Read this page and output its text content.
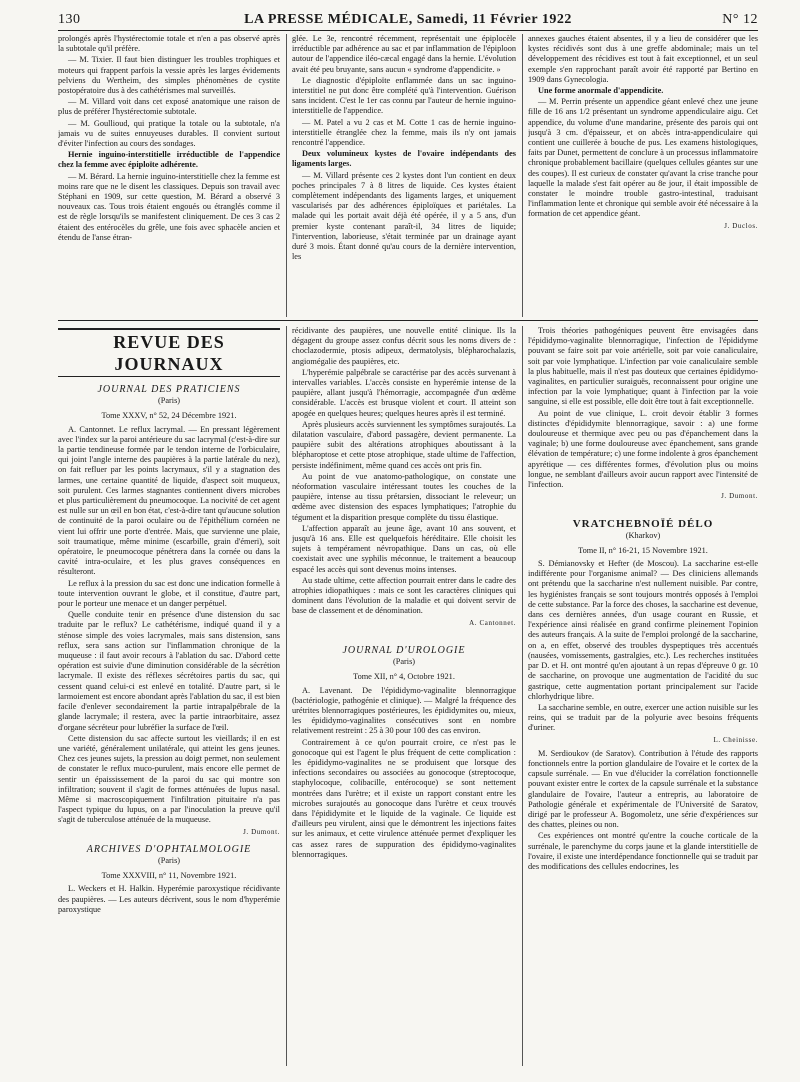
130	LA PRESSE MÉDICALE, Samedi, 11 Février 1922	N° 12

prolongés après l'hystérectomie totale et n'en a pas observé après la subtotale qu'il préfère.

— M. Tixier. Il faut bien distinguer les troubles trophiques et moteurs qui frappent parfois la vessie après les larges évidements pelviens du Wertheim, des simples phénomènes de cystite postopératoire dus à des cathétérismes mal surveillés.

— M. Villard voit dans cet exposé anatomique une raison de plus de préférer l'hystérectomie subtotale.

— M. Goullioud, qui pratique la totale ou la subtotale, n'a jamais vu de suites ennuyeuses durables. Il convient surtout d'éviter l'infection au cours des sondages.

Hernie inguino-interstitielle irréductible de l'appendice chez la femme avec épiploïte adhérente.

— M. Bérard. La hernie inguino-interstitielle chez la femme est moins rare que ne le disent les classiques. Depuis son travail avec Stéphani en 1909, sur cette question, M. Bérard a observé 3 nouveaux cas. Tous trois étaient engoués ou étranglés comme il est de règle lorsqu'ils se manifestent cliniquement. De ces 3 cas 2 étaient des entérocèles du grêle, une fois avec sphacèle ancien et étendu de l'anse étran-

glée. Le 3e, rencontré récemment, représentait une épiplocèle irréductible par adhérence au sac et par inflammation de l'épiploon autour de l'appendice iléo-cæcal engagé dans la hernie. L'évolution avait été peu bruyante, sans aucun « syndrome d'appendicite. »

Le diagnostic d'épiploïte enflammée dans un sac inguino-interstitiel ne put donc être complété qu'à l'intervention. Guérison sans incident. C'est le 1er cas connu par l'auteur de hernie inguino-interstitielle de l'appendice.

— M. Patel a vu 2 cas et M. Cotte 1 cas de hernie inguino-interstitielle étranglée chez la femme, mais ils n'y ont jamais rencontré l'appendice.

Deux volumineux kystes de l'ovaire indépendants des ligaments larges.

— M. Villard présente ces 2 kystes dont l'un contient en deux poches principales 7 à 8 litres de liquide. Ces kystes étaient complètement indépendants des ligaments larges, et uniquement vascularisés par des adhérences épiploïques et pariétales. La malade qui les portait avait déjà été opérée, il y a 5 ans, d'un premier kyste contenant paraît-il, 34 litres de liquide; l'intervention, laborieuse, s'était terminée par un drainage ayant duré 3 mois. Étant donné qu'au cours de la dernière intervention, les

annexes gauches étaient absentes, il y a lieu de considérer que les kystes récidivés sont dus à une greffe abdominale; mais un tel développement des récidives est tout à fait exceptionnel, et un seul exemple s'en rapprochant paraît avoir été rapporté par Bertino en 1909 dans Gynecologia.

Une forme anormale d'appendicite.

— M. Perrin présente un appendice géant enlevé chez une jeune fille de 16 ans 1/2 présentant un syndrome appendiculaire aigu. Cet appendice, du volume d'une mandarine, présente des parois qui ont jusqu'à 3 cm. d'épaisseur, et on abcès intra-appendiculaire qui contient une cuillerée à bouche de pus. Les examens histologiques, faits par Dunet, permettent de conclure à un processus inflammatoire chronique probablement bacillaire (quelques cellules géantes sur une des coupes). Il est curieux de constater qu'avant la crise tranche pour laquelle la malade s'est fait opérer au 8e jour, il était impossible de constater le moindre trouble gastro-intestinal, traduisant l'inflammation lente et chronique qui semble avoir été nécessaire à la formation de cet appendice géant.

J. Duclos.

REVUE DES JOURNAUX

JOURNAL DES PRATICIENS

(Paris)

Tome XXXV, n° 52, 24 Décembre 1921.

A. Cantonnet. Le reflux lacrymal. — En pressant légèrement avec l'index sur la paroi antérieure du sac lacrymal (c'est-à-dire sur la partie tendineuse formée par le tendon interne de l'orbiculaire, qui joint l'angle interne des paupières à la partie latérale du nez), on fait refluer par les points lacrymaux, s'il y a stagnation des larmes, une certaine quantité de liquide, d'aspect soit muqueux, soit purulent. Ces larmes stagnantes contiennent divers microbes et plus particulièrement du pneumocoque. La nocivité de cet agent est nulle sur un œil en bon état, c'est-à-dire tant qu'aucune solution de continuité de la paroi oculaire ou de l'épithélium cornéen ne vient lui offrir une porte d'entrée. Mais, que survienne une plaie, soit traumatique, même minime (escarbille, grain d'émeri), soit opératoire, le pneumocoque pénétrera dans la cornée ou dans la cavité intra-oculaire, et les plus graves conséquences en résulteront.

Le reflux à la pression du sac est donc une indication formelle à toute intervention ouvrant le globe, et il constitue, d'autre part, pour le porteur une menace et un danger perpétuel.

Quelle conduite tenir en présence d'une distension du sac traduite par le reflux? Le cathétérisme, indiqué quand il y a sténose simple des voies lacrymales, mais sans distension, sans reflux, sera sans action sur l'inflammation chronique de la muqueuse : il faut avoir recours à l'ablation du sac. D'abord cette opération est suivie d'une diminution considérable de la sécrétion lacrymale. Il existe des réflexes sécrétoires partis du sac, qui cessent quand celui-ci est enlevé en totalité. D'autre part, si le larmoiement est encore abondant après l'ablation du sac, il est bien facile d'enlever secondairement la partie intrapalpébrale de la glande lacrymale; il restera, avec la partie intraorbitaire, assez d'organe sécréteur pour lubréfier la surface de l'œil.

Cette distension du sac affecte surtout les vieillards; il en est une variété, généralement unilatérale, qui atteint les gens jeunes. Chez ces jeunes sujets, la pression au doigt permet, non seulement de constater le reflux muco-purulent, mais encore elle permet de sentir un épaississement de la paroi du sac qui montre son infiltration; souvent il s'agit de formes atténuées de lupus nasal. Même si macroscopiquement l'infiltration pituitaire n'a pas l'aspect typique du lupus, on a par l'inoculation la preuve qu'il s'agit de tuberculose atténuée de la muqueuse.

J. Dumont.

ARCHIVES D'OPHTALMOLOGIE

(Paris)

Tome XXXVIII, n° 11, Novembre 1921.

L. Weckers et H. Halkin. Hyperémie paroxystique récidivante des paupières. — Les auteurs décrivent, sous le nom d'hyperémie paroxystique

récidivante des paupières, une nouvelle entité clinique. Ils la dégagent du groupe assez confus décrit sous les noms divers de : choclazodermie, ptosis adipeux, dermatolysis, blépharochalazis, angiomégalie des paupières, etc.

L'hyperémie palpébrale se caractérise par des accès survenant à intervalles variables. L'accès consiste en hyperémie intense de la paupière, allant jusqu'à l'hémorragie, accompagnée d'un œdème considérable. L'accès est brusque violent et court. Il atteint son apogée en quelques heures; quelques heures après il est terminé.

Après plusieurs accès surviennent les symptômes surajoutés. La dilatation vasculaire, d'abord passagère, devient permanente. La paupière subit des altérations atrophiques aboutissant à la blépharoptose et cette ptose atrophique, stade ultime de l'affection, persiste indéfiniment, même quand ces accès ont pris fin.

Au point de vue anatomo-pathologique, on constate une néoformation vasculaire intéressant toutes les couches de la paupière, intense au tissu prétarsien, dissociant le releveur; un œdème avec distension des espaces lymphatiques; l'atrophie du tégument et la disparition presque complète du tissu élastique.

L'affection apparaît au jeune âge, avant 10 ans souvent, et jusqu'à 16 ans. Elle est quelquefois héréditaire. Elle choisit les sujets à tempérament névropathique. Dans un cas, où elle coexistait avec une syphilis méconnue, le traitement a beaucoup espacé les accès qui sont devenus moins intenses.

Au stade ultime, cette affection pourrait entrer dans le cadre des atrophies idiopathiques : mais ce sont les caractères cliniques qui dominent dans l'évolution de la maladie et qui doivent servir de base de classement et de dénomination.

A. Cantonnet.

JOURNAL D'UROLOGIE

(Paris)

Tome XII, n° 4, Octobre 1921.

A. Lavenant. De l'épididymo-vaginalite blennorragique (bactériologie, pathogénie et clinique). — Malgré la fréquence des urétrites blennorragiques postérieures, les épididymites ou, mieux, les épididymo-vaginalites consécutives sont en nombre relativement restreint : 25 à 30 pour 100 des cas environ.

Contrairement à ce qu'on pourrait croire, ce n'est pas le gonocoque qui est l'agent le plus fréquent de cette complication : les épididymo-vaginalites ne se produisent que lorsque des infections secondaires ou associées au gonocoque (streptocoque, staphylocoque, colibacille, entérocoque) se sont nettement montrées dans l'urètre; et il existe un rapport constant entre les microbes surajoutés au gonocoque dans l'urètre et ceux trouvés dans l'épididymite et le liquide de la vaginale. Ce liquide est d'ailleurs peu virulent, ainsi que le démontrent les injections faites sur les animaux, et cette virulence atténuée permet d'expliquer les cas assez rares de suppuration des épididymo-vaginalites blennorragiques.

Trois théories pathogéniques peuvent être envisagées dans l'épididymo-vaginalite blennorragique, l'infection de l'épididyme pouvant se faire soit par voie artérielle, soit par voie canaliculaire, soit par voie lymphatique. L'infection par voie canaliculaire semble la plus habituelle, mais il n'est pas douteux que certaines épididymo-vaginalites, en particulier suraiguës, reconnaissent pour origine une infection par la voie lymphatique; quant à l'infection par la voie sanguine, si elle est possible, elle doit être tout à fait exceptionnelle.

Au point de vue clinique, L. croit devoir établir 3 formes distinctes d'épididymite blennorragique, savoir : a) une forme douloureuse et thermique avec peu ou pas d'épanchement dans la vaginale; b) une forme douloureuse avec épanchement, sans grande élévation de température; c) une forme indolente à gros épanchement apyrétique — ces différentes formes, d'évolution plus ou moins longue, ne semblant d'ailleurs avoir aucun rapport avec l'intensité de l'infection.

J. Dumont.

VRATCHEBNOÏÉ DÉLO

(Kharkov)

Tome II, n° 16-21, 15 Novembre 1921.

S. Démianovsky et Hefter (de Moscou). La saccharine est-elle indifférente pour l'organisme animal? — Des cliniciens allemands ont prétendu que la saccharine n'est nullement nuisible. Par contre, les hygiénistes français se sont toujours montrés opposés à l'emploi de cette substance. Par la force des choses, la saccharine est devenue, dans ces dernières années, d'un usage courant en Russie, et l'expérience ainsi réalisée en grand confirme pleinement l'opinion des auteurs français. A la suite de l'emploi prolongé de la saccharine, on a, en effet, observé des troubles dyspeptiques très accentués (nausées, vomissements, gastralgies, etc.). Les recherches instituées par D. et H. ont montré qu'en ajoutant à un repas d'épreuve 0 gr. 10 de saccharine, on provoque une augmentation de l'acidité du suc gastrique, cette augmentation portant principalement sur l'acide chlorhydrique libre.

La saccharine semble, en outre, exercer une action nuisible sur les reins, qui se traduit par de la polyurie avec besoins fréquents d'uriner.

L. Cheinisse.

M. Serdioukov (de Saratov). Contribution à l'étude des rapports fonctionnels entre la portion glandulaire de l'ovaire et le cortex de la capsule surrénale. — En vue d'élucider la corrélation fonctionnelle pouvant exister entre le cortex de la capsule surrénale et la substance glandulaire de l'ovaire, l'auteur a entrepris, au laboratoire de Pathologie générale et expérimentale de l'Université de Saratov, dirigé par le professeur A. Bogomoletz, une série d'expériences sur des chattes, pleines ou non.

Ces expériences ont montré qu'entre la couche corticale de la surrénale, le parenchyme du corps jaune et la glande interstitielle de l'ovaire, il existe une interdépendance fonctionnelle qui se traduit par des modifications des cellules endocrines, les
